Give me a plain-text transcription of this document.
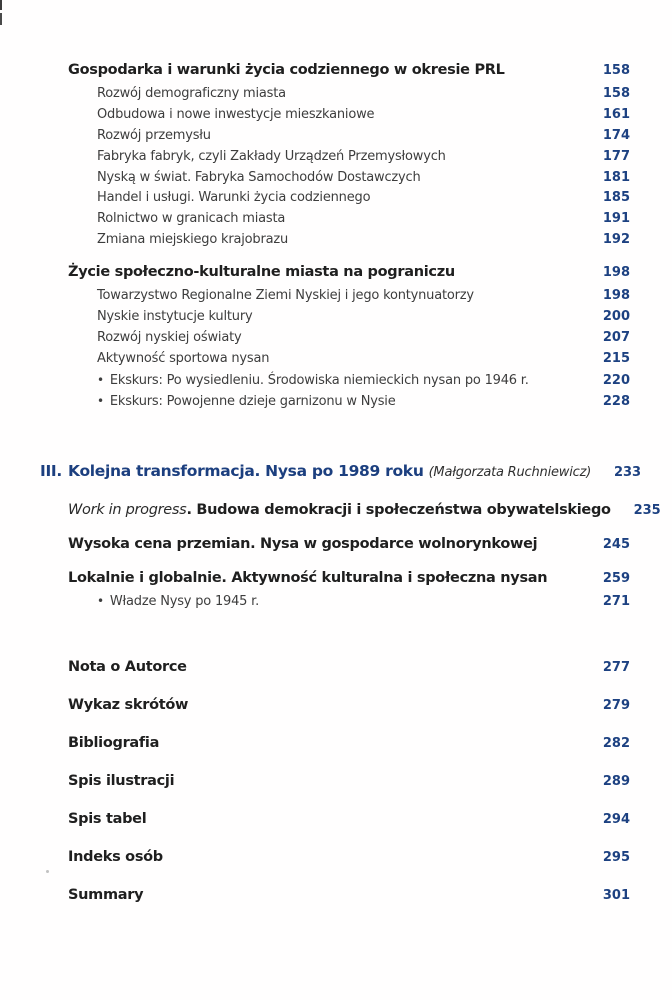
Gospodarka i warunki życia codziennego w okresie PRL	158
Rozwój demograficzny miasta	158
Odbudowa i nowe inwestycje mieszkaniowe	161
Rozwój przemysłu	174
Fabryka fabryk, czyli Zakłady Urządzeń Przemysłowych	177
Nyską w świat. Fabryka Samochodów Dostawczych	181
Handel i usługi. Warunki życia codziennego	185
Rolnictwo w granicach miasta	191
Zmiana miejskiego krajobrazu	192
Życie społeczno-kulturalne miasta na pograniczu	198
Towarzystwo Regionalne Ziemi Nyskiej i jego kontynuatorzy	198
Nyskie instytucje kultury	200
Rozwój nyskiej oświaty	207
Aktywność sportowa nysan	215
• Ekskurs: Po wysiedleniu. Środowiska niemieckich nysan po 1946 r.	220
• Ekskurs: Powojenne dzieje garnizonu w Nysie	228
III. Kolejna transformacja. Nysa po 1989 roku (Małgorzata Ruchniewicz)	233
Work in progress. Budowa demokracji i społeczeństwa obywatelskiego	235
Wysoka cena przemian. Nysa w gospodarce wolnorynkowej	245
Lokalnie i globalnie. Aktywność kulturalna i społeczna nysan	259
• Władze Nysy po 1945 r.	271
Nota o Autorce	277
Wykaz skrótów	279
Bibliografia	282
Spis ilustracji	289
Spis tabel	294
Indeks osób	295
Summary	301
